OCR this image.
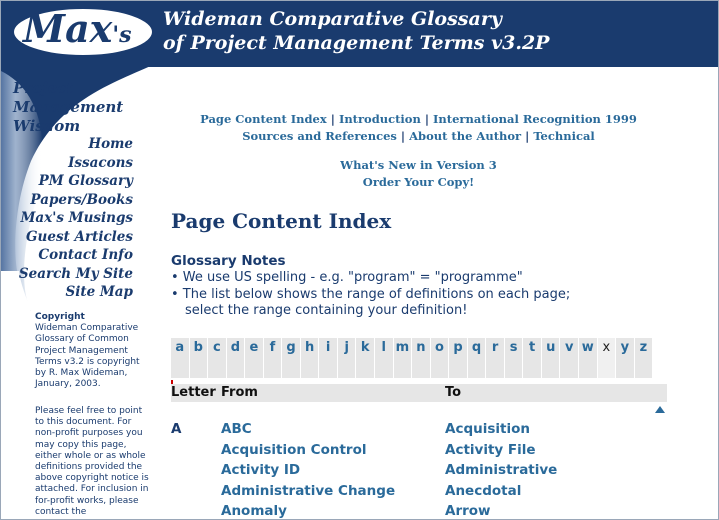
Wideman Comparative Glossary
of Project Management Terms v3.2P
Max's
Project
Management
Wisdom
Home
Issacons
PM Glossary
Papers/Books
Max's Musings
Guest Articles
Contact Info
Search My Site
Site Map
Copyright
Wideman Comparative Glossary of Common Project Management Terms v3.2 is copyright by R. Max Wideman, January, 2003.
Please feel free to point to this document. For non-profit purposes you may copy this page, either whole or as whole definitions provided the above copyright notice is attached. For inclusion in for-profit works, please contact the
Page Content Index | Introduction | International Recognition 1999
Sources and References | About the Author | Technical
What's New in Version 3
Order Your Copy!
Page Content Index
Glossary Notes
• We use US spelling - e.g. "program" = "programme"
• The list below shows the range of definitions on each page;
select the range containing your definition!
a b c d e f g h i	j k l m n o p q r s t u v w x y z
Letter From	To
A	ABC	Acquisition
Acquisition Control	Activity File
Activity ID	Administrative
Administrative Change	Anecdotal
Anomaly	Arrow
